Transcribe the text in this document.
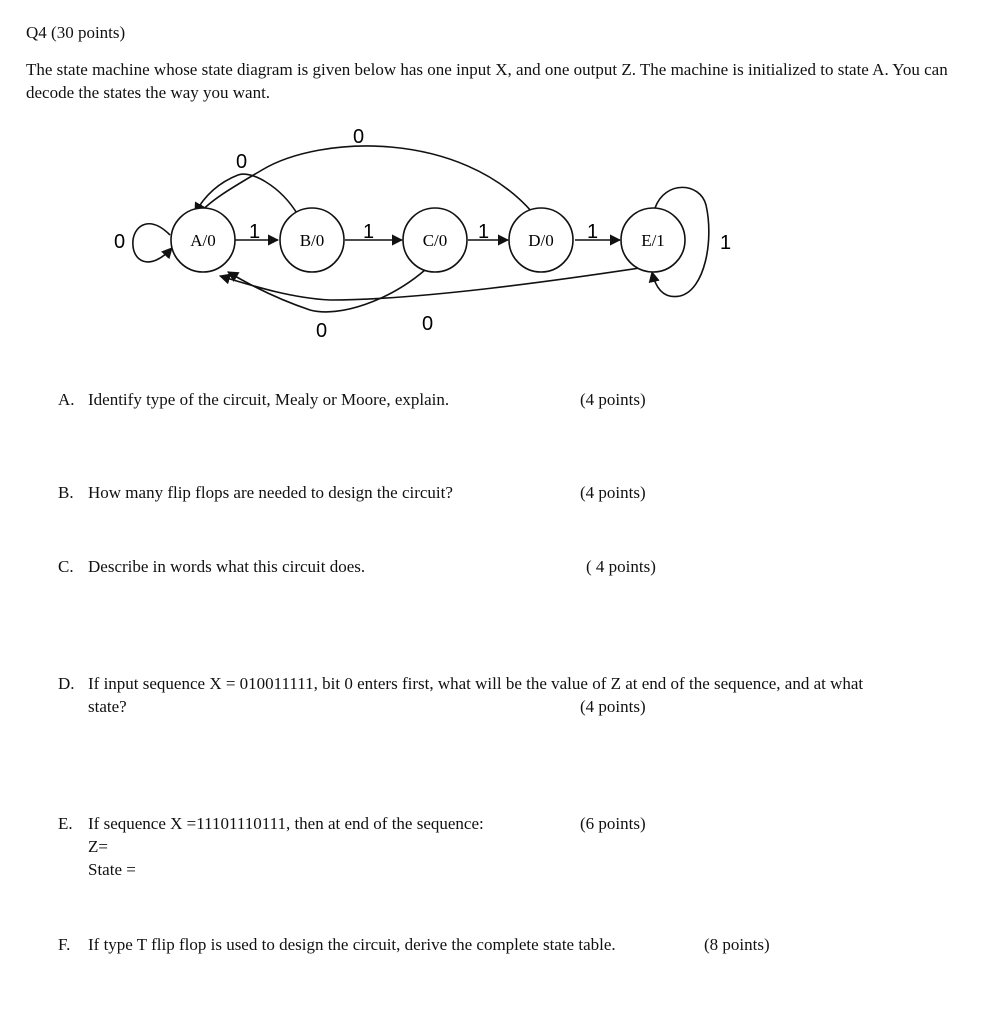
Q4 (30 points)
The state machine whose state diagram is given below has one input X, and one output Z. The machine is initialized to state A. You can decode the states the way you want.
A/0	B/0	C/0	D/0	E/1
0	1
0
1
0
1
0
1
0
1
A. Identify type of the circuit, Mealy or Moore, explain.	(4 points)
B. How many flip flops are needed to design the circuit?	(4 points)
C. Describe in words what this circuit does.	( 4 points)
D. If input sequence X = 010011111, bit 0 enters first, what will be the value of Z at end of the sequence, and at what
state?	(4 points)
E. If sequence X =11101110111, then at end of the sequence:
Z=
State =
(6 points)
F. If type T flip flop is used to design the circuit, derive the complete state table.	(8 points)
